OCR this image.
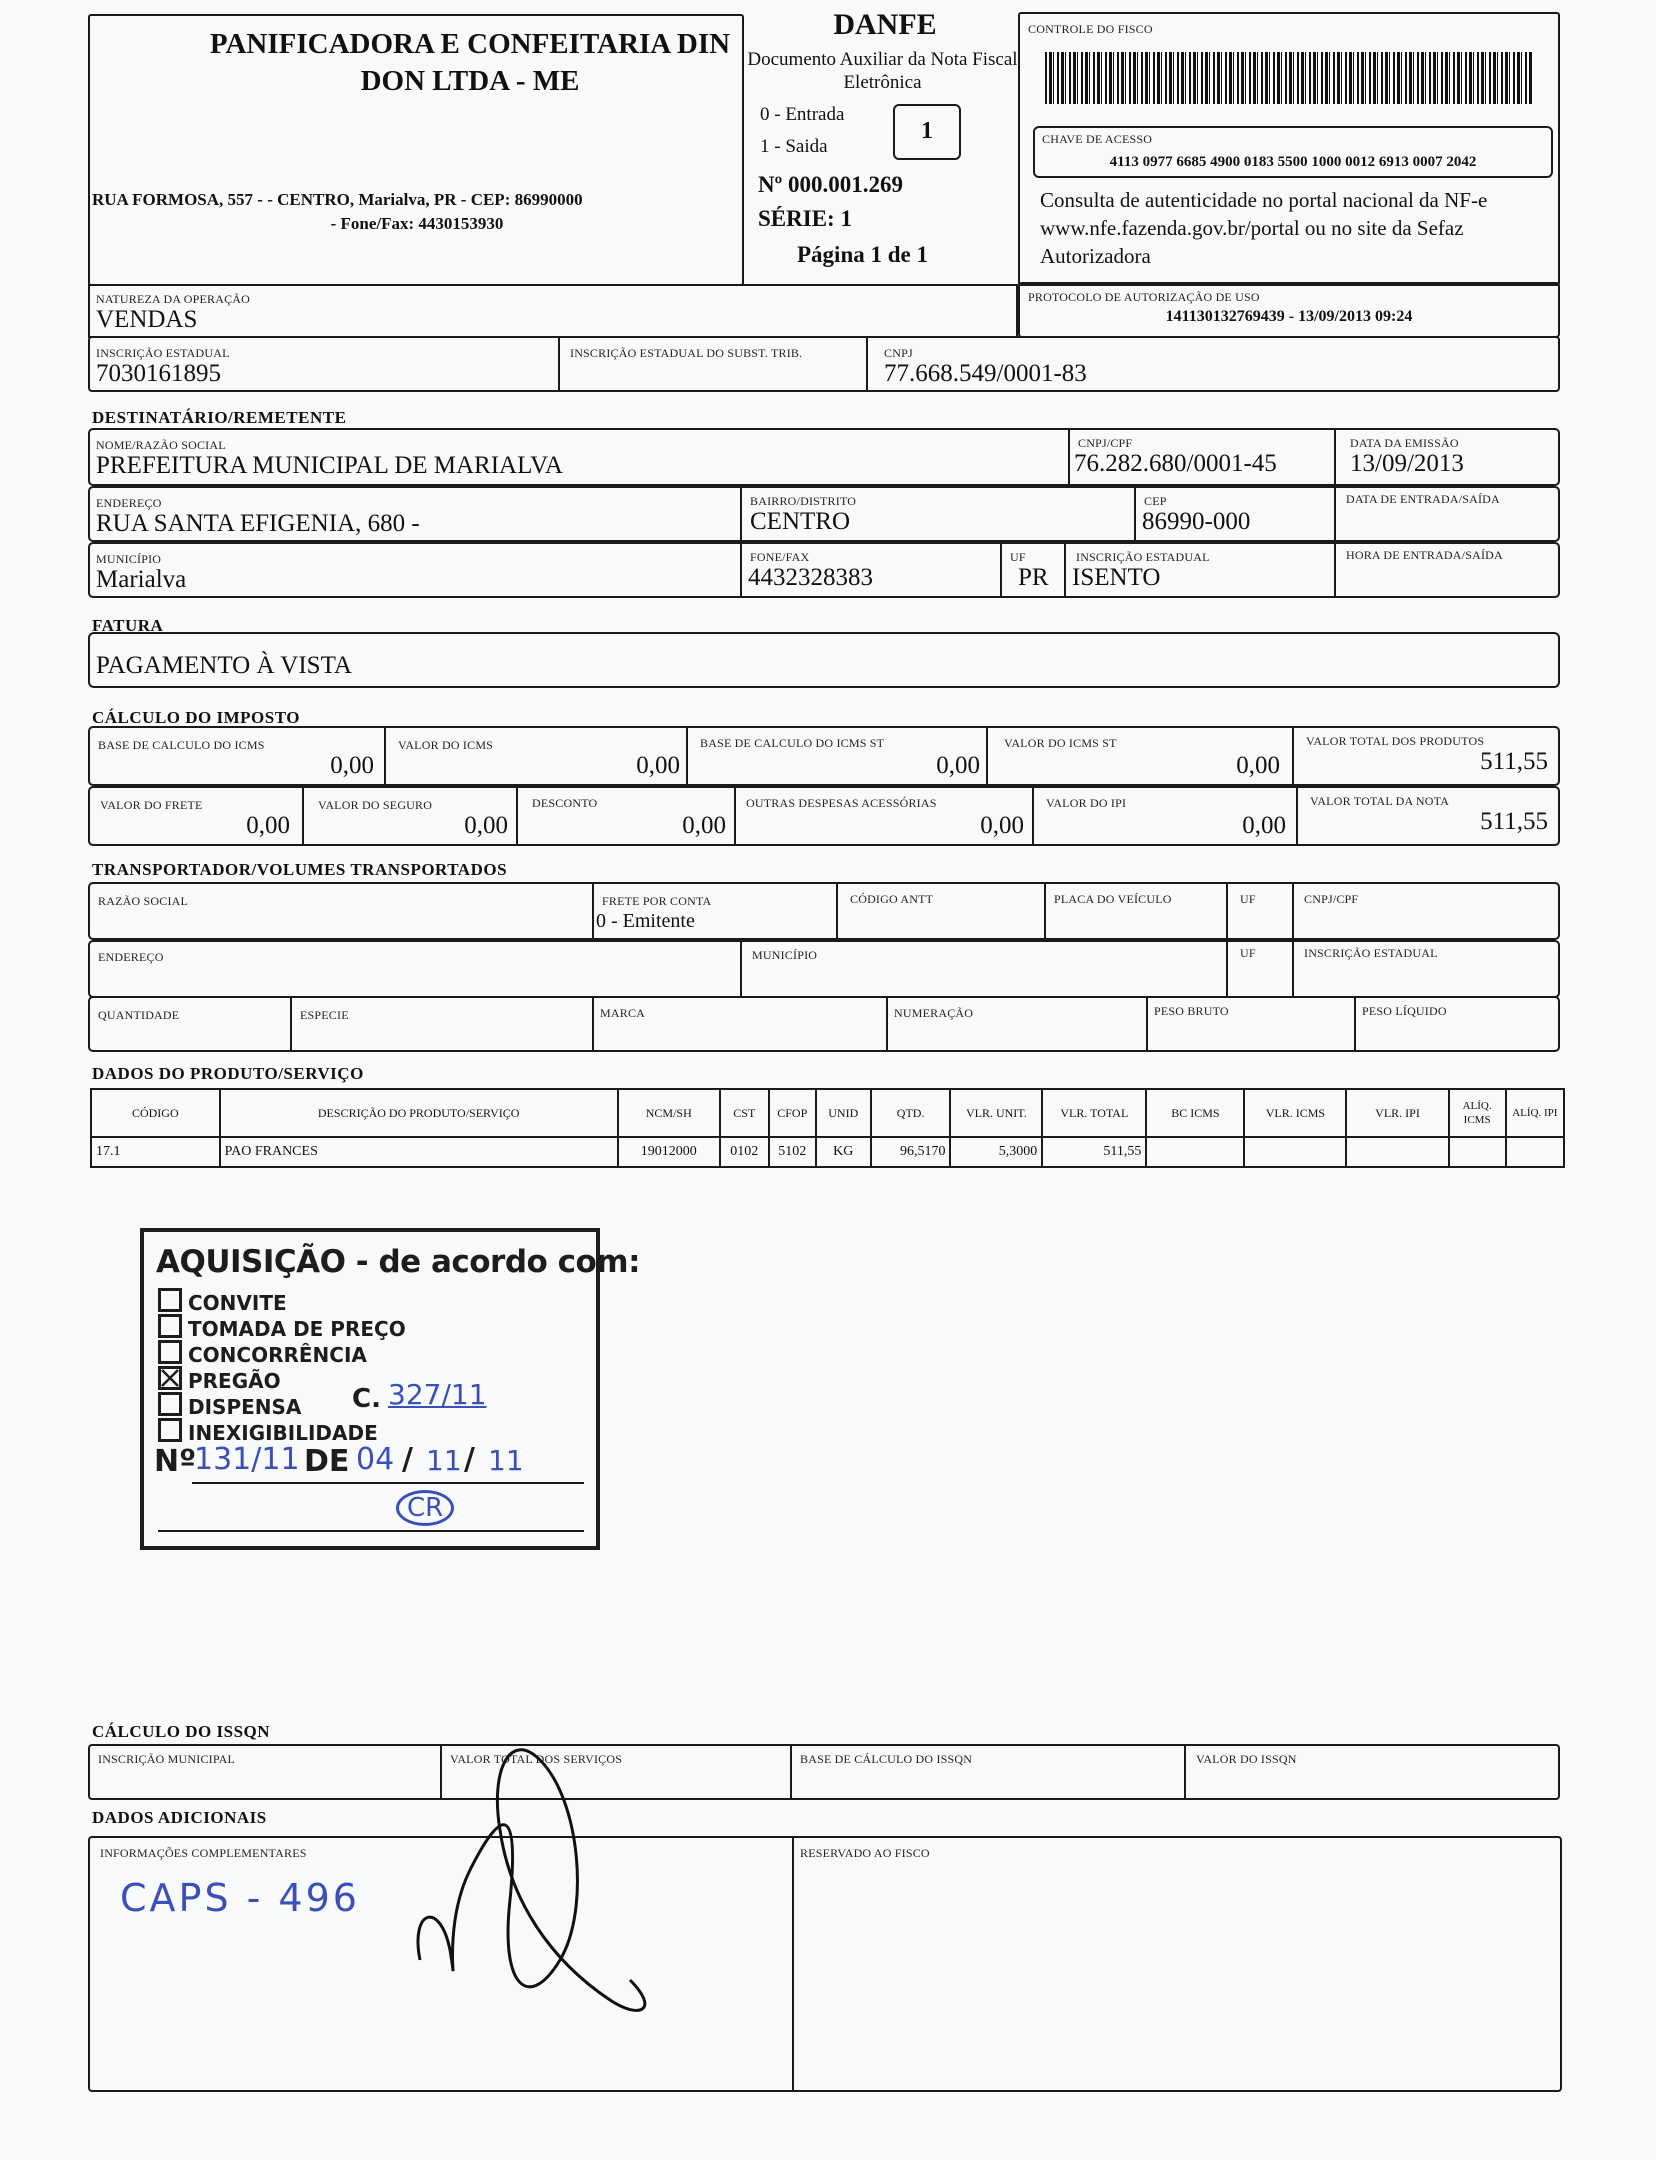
PANIFICADORA E CONFEITARIA DIN DON LTDA - ME
RUA FORMOSA, 557 - - CENTRO, Marialva, PR - CEP: 86990000
- Fone/Fax: 4430153930
DANFE
Documento Auxiliar da Nota Fiscal Eletrônica
0 - Entrada
1 - Saida
1
Nº 000.001.269
SÉRIE: 1
Página 1 de 1
CONTROLE DO FISCO
CHAVE DE ACESSO
4113 0977 6685 4900 0183 5500 1000 0012 6913 0007 2042
Consulta de autenticidade no portal nacional da NF-e www.nfe.fazenda.gov.br/portal ou no site da Sefaz Autorizadora
NATUREZA DA OPERAÇÃO
VENDAS
PROTOCOLO DE AUTORIZAÇÃO DE USO
141130132769439 - 13/09/2013 09:24
INSCRIÇÃO ESTADUAL
7030161895
INSCRIÇÃO ESTADUAL DO SUBST. TRIB.	CNPJ
77.668.549/0001-83
DESTINATÁRIO/REMETENTE
NOME/RAZÃO SOCIAL
PREFEITURA MUNICIPAL DE MARIALVA
CNPJ/CPF
76.282.680/0001-45
DATA DA EMISSÃO
13/09/2013
ENDEREÇO
RUA SANTA EFIGENIA, 680 -
BAIRRO/DISTRITO
CENTRO
CEP
86990-000
DATA DE ENTRADA/SAÍDA
MUNICÍPIO
Marialva
FONE/FAX
4432328383
UF
PR
INSCRIÇÃO ESTADUAL
ISENTO
HORA DE ENTRADA/SAÍDA
FATURA
PAGAMENTO À VISTA
CÁLCULO DO IMPOSTO
BASE DE CALCULO DO ICMS
0,00
VALOR DO ICMS
0,00
BASE DE CALCULO DO ICMS ST
0,00
VALOR DO ICMS ST
0,00
VALOR TOTAL DOS PRODUTOS
511,55
VALOR DO FRETE
0,00
VALOR DO SEGURO
0,00
DESCONTO
0,00
OUTRAS DESPESAS ACESSÓRIAS
0,00
VALOR DO IPI
0,00
VALOR TOTAL DA NOTA
511,55
TRANSPORTADOR/VOLUMES TRANSPORTADOS
RAZÃO SOCIAL	FRETE POR CONTA
0 - Emitente
CÓDIGO ANTT	PLACA DO VEÍCULO	UF	CNPJ/CPF
ENDEREÇO	MUNICÍPIO	UF	INSCRIÇÃO ESTADUAL
QUANTIDADE	ESPECIE	MARCA	NUMERAÇÃO	PESO BRUTO	PESO LÍQUIDO
DADOS DO PRODUTO/SERVIÇO
CÓDIGO	DESCRIÇÃO DO PRODUTO/SERVIÇO	NCM/SH	CST	CFOP	UNID	QTD.	VLR. UNIT.	VLR. TOTAL	BC ICMS	VLR. ICMS	VLR. IPI	ALÍQ. ICMS	ALÍQ. IPI
17.1	PAO FRANCES	19012000	0102	5102	KG	96,5170	5,3000	511,55					
AQUISIÇÃO - de acordo com:
CONVITE
TOMADA DE PREÇO
CONCORRÊNCIA
PREGÃO
DISPENSA
INEXIGIBILIDADE
C. 327/11
Nº
131/11 DE 04 / 11 / 11
CR
CÁLCULO DO ISSQN
INSCRIÇÃO MUNICIPAL	VALOR TOTAL DOS SERVIÇOS	BASE DE CÁLCULO DO ISSQN	VALOR DO ISSQN
DADOS ADICIONAIS
INFORMAÇÕES COMPLEMENTARES
CAPS - 496
RESERVADO AO FISCO
